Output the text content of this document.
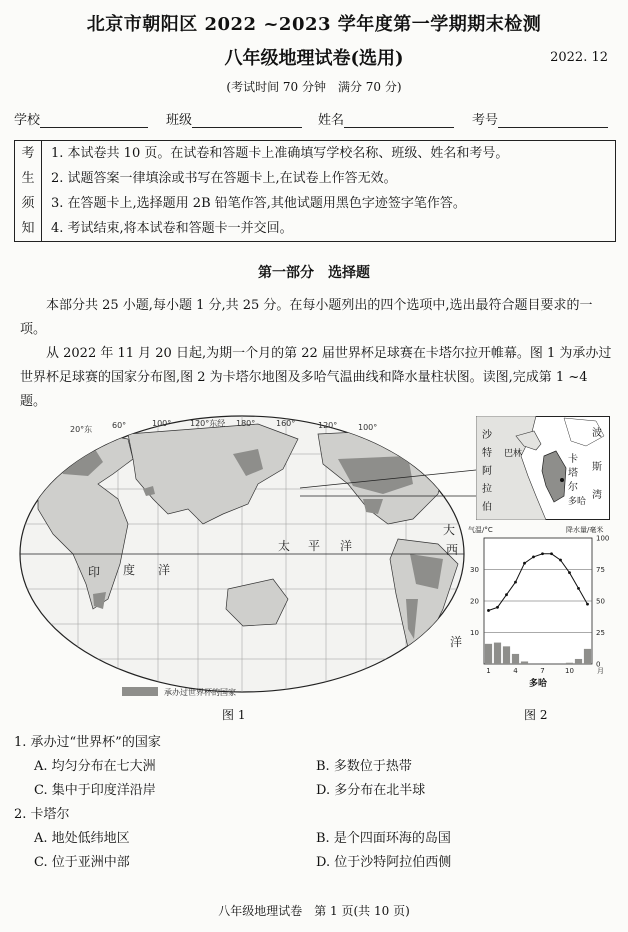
北京市朝阳区 2022 ~2023 学年度第一学期期末检测
八年级地理试卷(选用)	2022. 12
(考试时间 70 分钟　满分 70 分)
学校	班级	姓名	考号
考
生
须
知
1. 本试卷共 10 页。在试卷和答题卡上准确填写学校名称、班级、姓名和考号。
2. 试题答案一律填涂或书写在答题卡上,在试卷上作答无效。
3. 在答题卡上,选择题用 2B 铅笔作答,其他试题用黑色字迹签字笔作答。
4. 考试结束,将本试卷和答题卡一并交回。
第一部分　选择题
本部分共 25 小题,每小题 1 分,共 25 分。在每小题列出的四个选项中,选出最符合题目要求的一项。
从 2022 年 11 月 20 日起,为期一个月的第 22 届世界杯足球赛在卡塔尔拉开帷幕。图 1 为承办过世界杯足球赛的国家分布图,图 2 为卡塔尔地图及多哈气温曲线和降水量柱状图。读图,完成第 1 ~4 题。
20°东 60°	100° 120°东经 180°	160°	120°	100°
印 度 洋
太 平 洋
大
西
洋
承办过世界杯的国家
沙
特
阿
拉
伯
巴林	卡
塔
尔
多哈
波
斯
湾
气温/°C	降水量/毫米
10
20
30
0
25
50
75
100
1	4	7	10	月
多哈
图 1	图 2
1. 承办过“世界杯”的国家
A. 均匀分布在七大洲	B. 多数位于热带
C. 集中于印度洋沿岸	D. 多分布在北半球
2. 卡塔尔
A. 地处低纬地区	B. 是个四面环海的岛国
C. 位于亚洲中部	D. 位于沙特阿拉伯西侧
八年级地理试卷　第 1 页(共 10 页)
